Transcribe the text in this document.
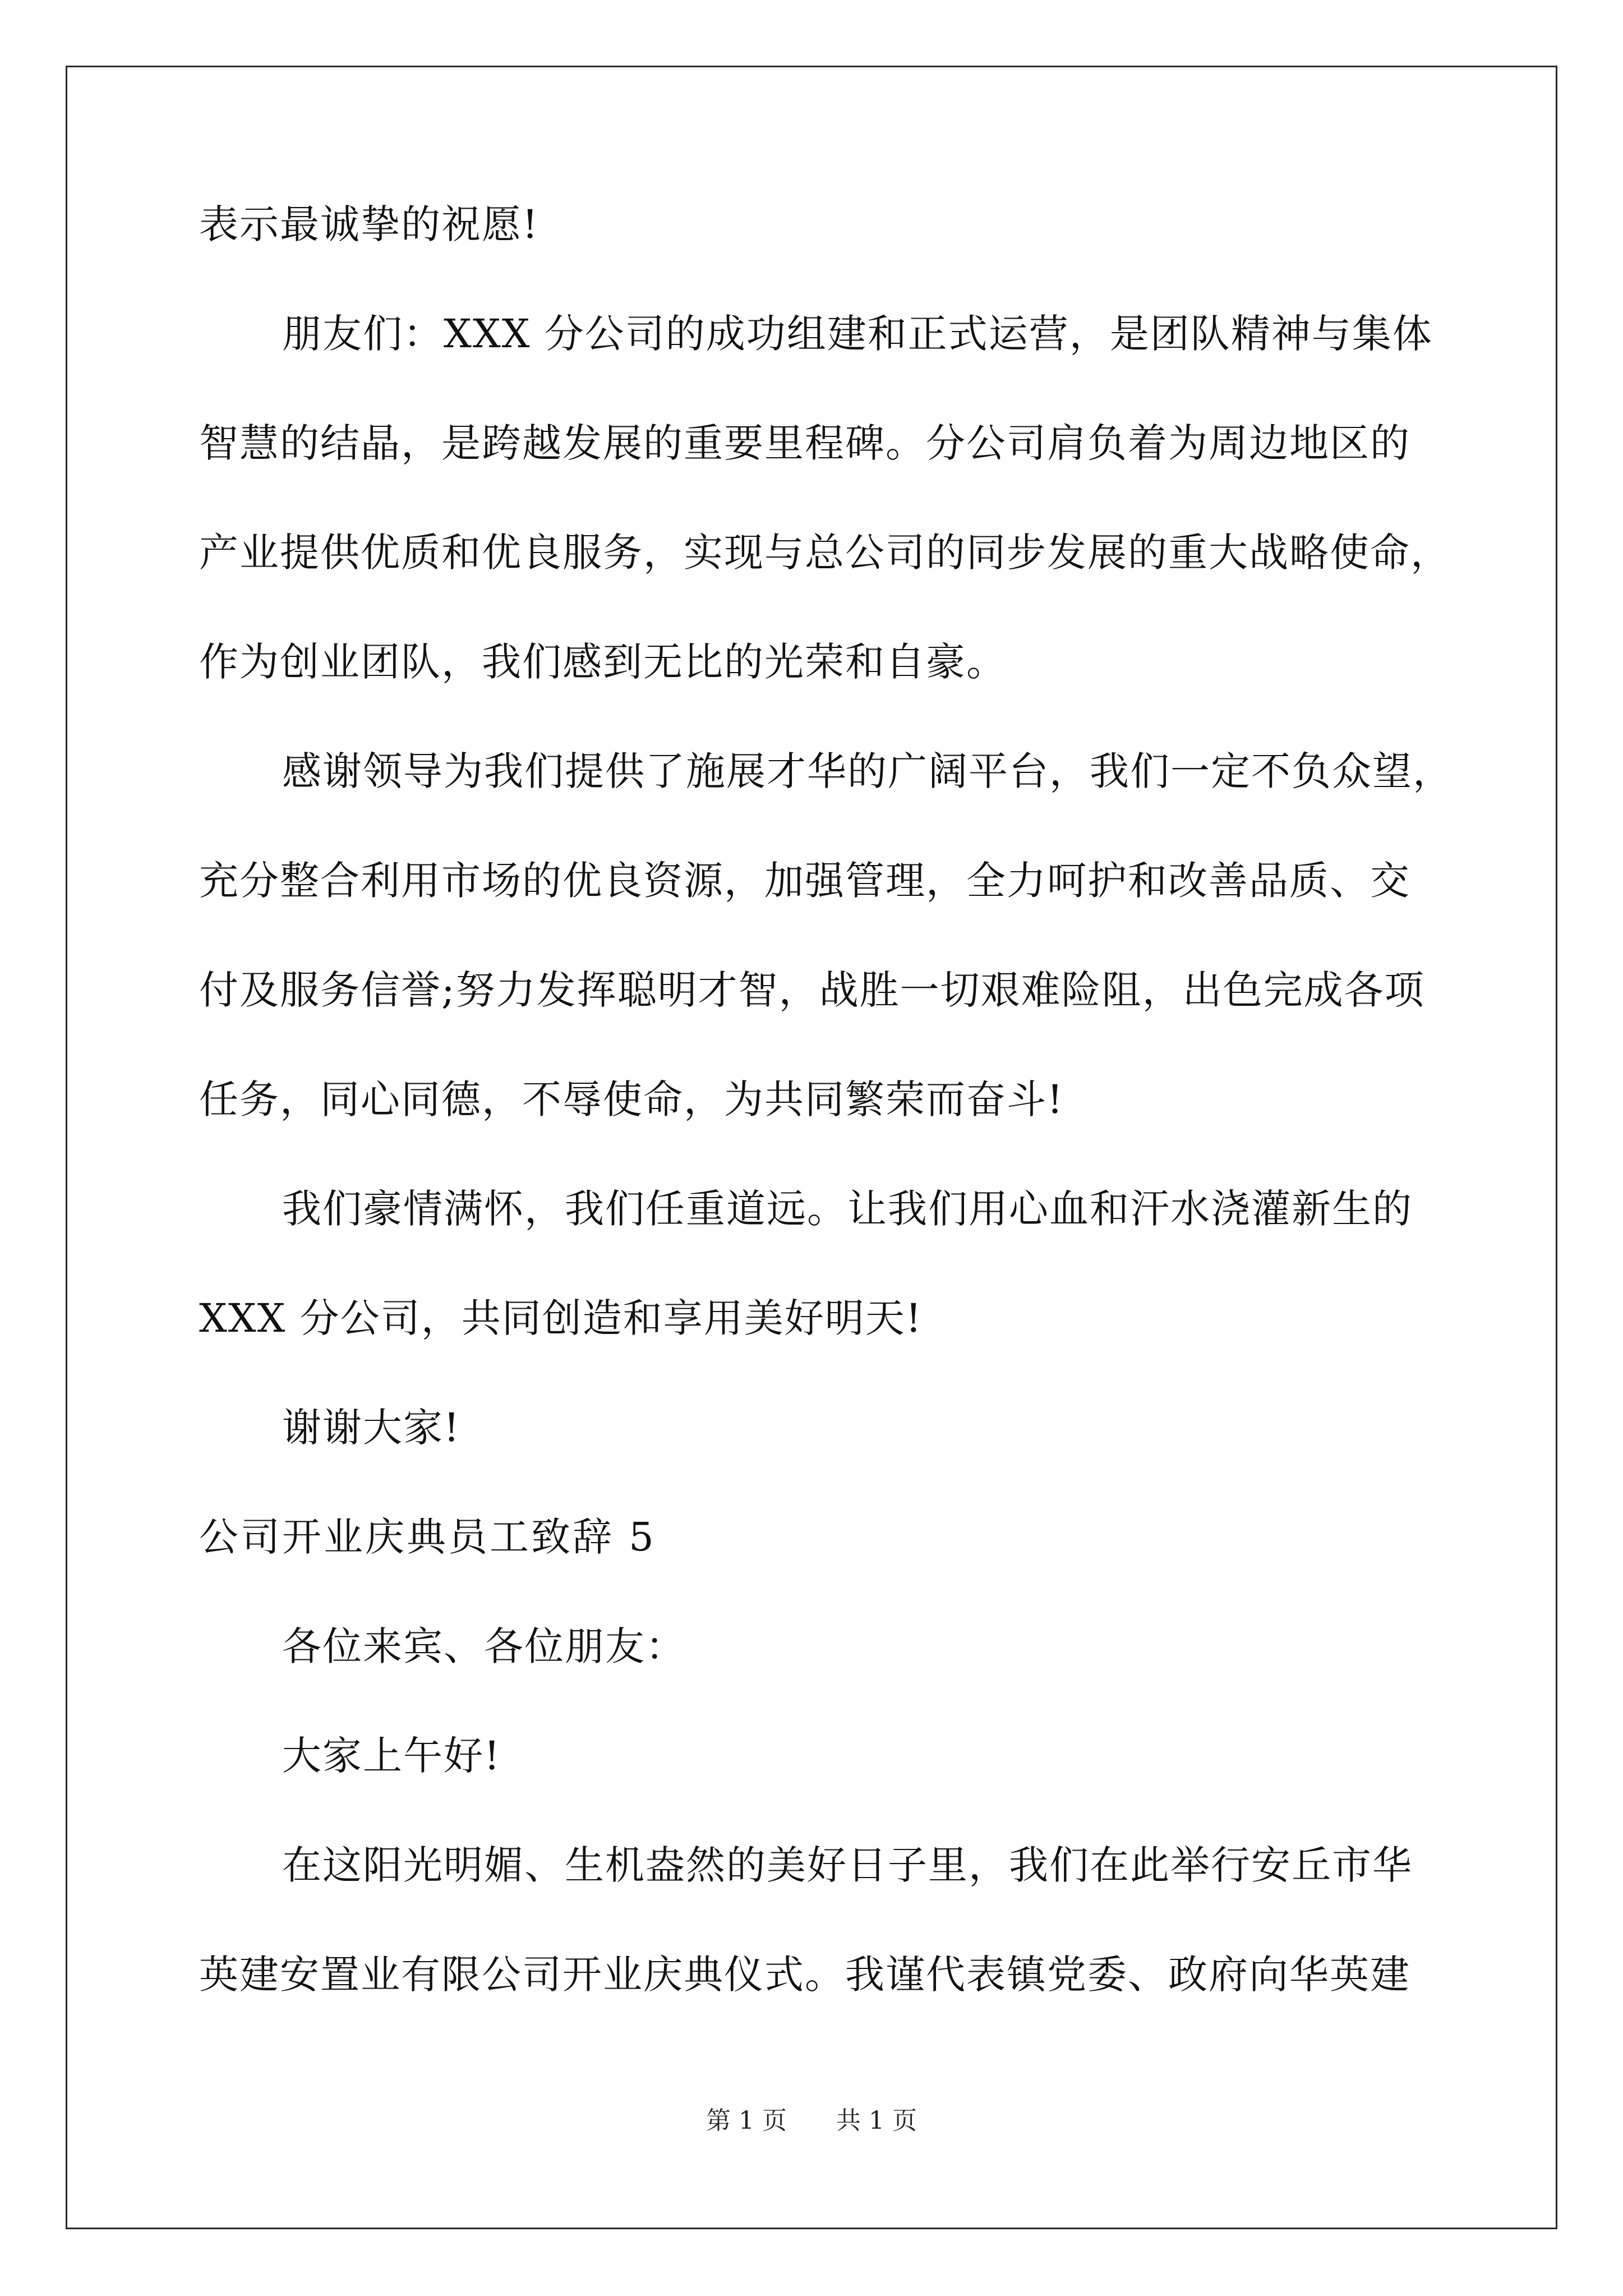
表示最诚挚的祝愿!
朋友们：XXX 分公司的成功组建和正式运营，是团队精神与集体
智慧的结晶，是跨越发展的重要里程碑。分公司肩负着为周边地区的
产业提供优质和优良服务，实现与总公司的同步发展的重大战略使命，
作为创业团队，我们感到无比的光荣和自豪。
感谢领导为我们提供了施展才华的广阔平台，我们一定不负众望，
充分整合利用市场的优良资源，加强管理，全力呵护和改善品质、交
付及服务信誉;努力发挥聪明才智，战胜一切艰难险阻，出色完成各项
任务，同心同德，不辱使命，为共同繁荣而奋斗!
我们豪情满怀，我们任重道远。让我们用心血和汗水浇灌新生的
XXX 分公司，共同创造和享用美好明天!
谢谢大家!
公司开业庆典员工致辞 5
各位来宾、各位朋友：
大家上午好!
在这阳光明媚、生机盎然的美好日子里，我们在此举行安丘市华
英建安置业有限公司开业庆典仪式。我谨代表镇党委、政府向华英建
第 1 页 共 1 页
